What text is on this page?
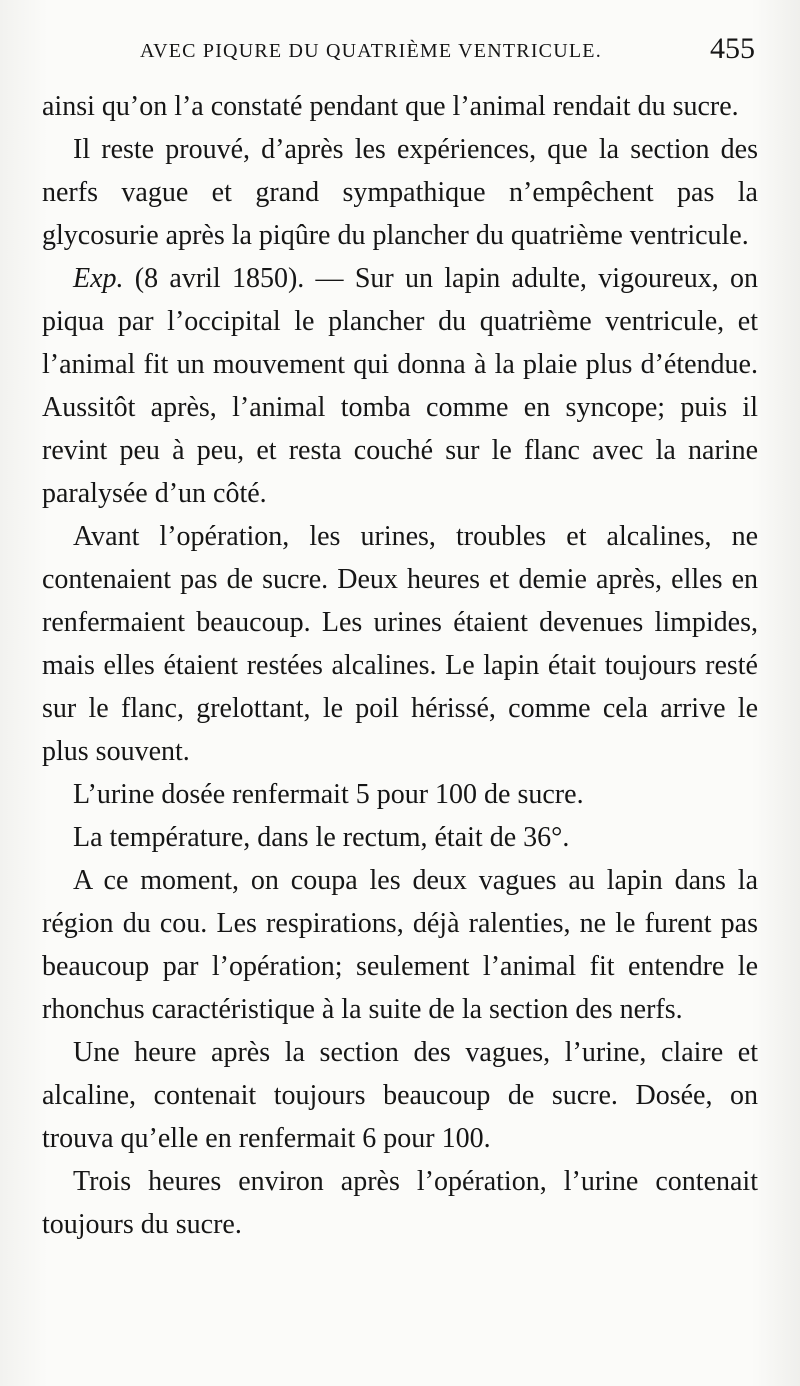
AVEC PIQURE DU QUATRIÈME VENTRICULE.	455

ainsi qu’on l’a constaté pendant que l’animal rendait du sucre.

Il reste prouvé, d’après les expériences, que la section des nerfs vague et grand sympathique n’empêchent pas la glycosurie après la piqûre du plancher du quatrième ventricule.

Exp. (8 avril 1850). — Sur un lapin adulte, vigoureux, on piqua par l’occipital le plancher du quatrième ventricule, et l’animal fit un mouvement qui donna à la plaie plus d’étendue. Aussitôt après, l’animal tomba comme en syncope; puis il revint peu à peu, et resta couché sur le flanc avec la narine paralysée d’un côté.

Avant l’opération, les urines, troubles et alcalines, ne contenaient pas de sucre. Deux heures et demie après, elles en renfermaient beaucoup. Les urines étaient devenues limpides, mais elles étaient restées alcalines. Le lapin était toujours resté sur le flanc, grelottant, le poil hérissé, comme cela arrive le plus souvent.

L’urine dosée renfermait 5 pour 100 de sucre.

La température, dans le rectum, était de 36°.

A ce moment, on coupa les deux vagues au lapin dans la région du cou. Les respirations, déjà ralenties, ne le furent pas beaucoup par l’opération; seulement l’animal fit entendre le rhonchus caractéristique à la suite de la section des nerfs.

Une heure après la section des vagues, l’urine, claire et alcaline, contenait toujours beaucoup de sucre. Dosée, on trouva qu’elle en renfermait 6 pour 100.

Trois heures environ après l’opération, l’urine contenait toujours du sucre.
